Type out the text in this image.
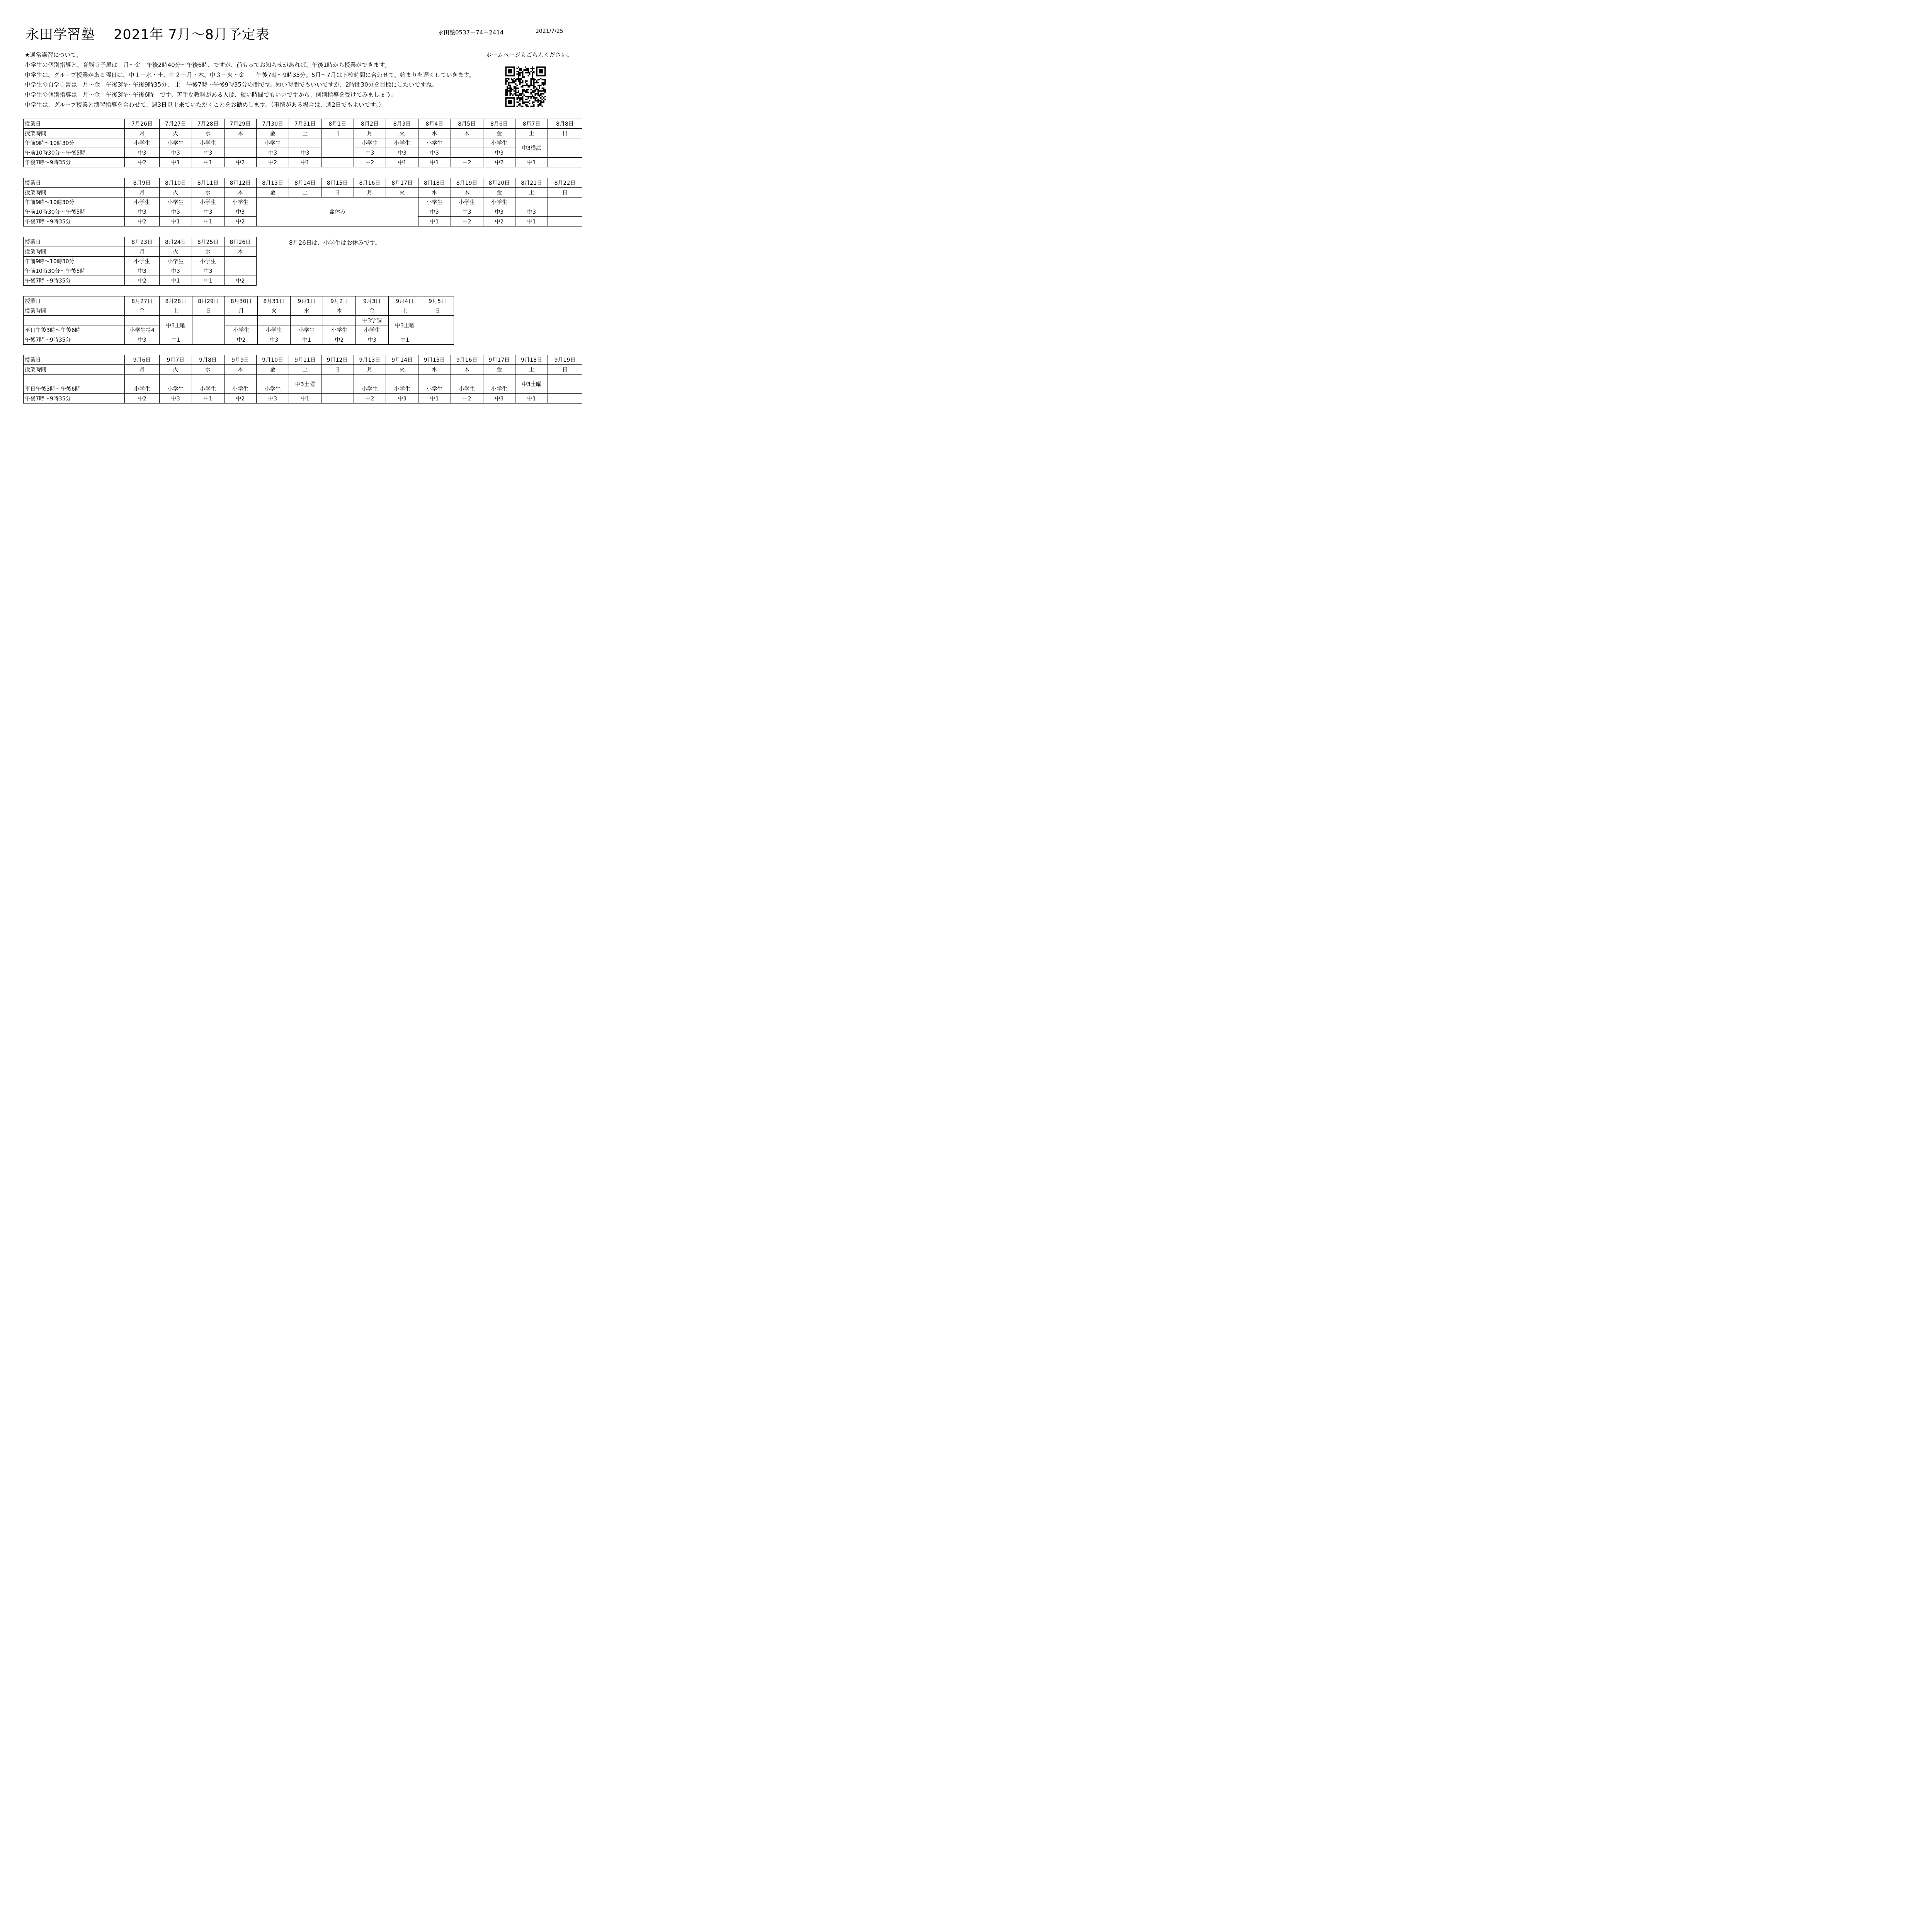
永田学習塾　 2021年 7月～8月予定表	永田塾0537－74－2414	2021/7/25
ホームページもごらんください。
★通常講習について、
小学生の個別指導と、育脳寺子屋は　月～金　午後2時40分～午後6時、ですが、前もってお知らせがあれば、午後1時から授業ができます。
中学生は、グループ授業がある曜日は、中１－水・土、中２－月・木、中３－火・金　　午後7時～9時35分。5月～7月は下校時間に合わせて、始まりを遅くしていきます。
中学生の自学自習は　月～金　午後3時～午後9時35分、 土　午後7時～午後9時35分の間です。短い時間でもいいですが、2時間30分を目標にしたいですね。
中学生の個別指導は　月～金　午後3時～午後6時　です。苦手な教科がある人は、短い時間でもいいですから、個別指導を受けてみましょう。
中学生は、グループ授業と演習指導を合わせて、週3日以上来ていただくことをお勧めします。（事情がある場合は、週2日でもよいです。）
8月26日は、小学生はお休みです。
授業日	7月26日	7月27日	7月28日	7月29日	7月30日	7月31日	8月1日	8月2日	8月3日	8月4日	8月5日	8月6日	8月7日	8月8日
授業時間	月	火	水	木	金	土	日	月	火	水	木	金	土	日
午前9時～10時30分	小学生	小学生	小学生		小学生			小学生	小学生	小学生		小学生	中3模試	
午前10時30分～午後5時	中3	中3	中3		中3	中3		中3	中3	中3		中3		
午後7時～9時35分	中2	中1	中1	中2	中2	中1		中2	中1	中1	中2	中2	中1	
授業日	8月9日	8月10日	8月11日	8月12日	8月13日	8月14日	8月15日	8月16日	8月17日	8月18日	8月19日	8月20日	8月21日	8月22日
授業時間	月	火	水	木	金	土	日	月	火	水	木	金	土	日
午前9時～10時30分	小学生	小学生	小学生	小学生	盆休み					小学生	小学生	小学生		
午前10時30分～午後5時	中3	中3	中3	中3						中3	中3	中3	中3	
午後7時～9時35分	中2	中1	中1	中2						中1	中2	中2	中1	
授業日	8月23日	8月24日	8月25日	8月26日
授業時間	月	火	水	木
午前9時～10時30分	小学生	小学生	小学生	
午前10時30分～午後5時	中3	中3	中3	
午後7時～9時35分	中2	中1	中1	中2
授業日	8月27日	8月28日	8月29日	8月30日	8月31日	9月1日	9月2日	9月3日	9月4日	9月5日
授業時間	金	土	日	月	火	水	木	金	土	日
		中3土曜						中3学調	中3土曜	
平日午後3時～午後6時	小学生特4			小学生	小学生	小学生	小学生	小学生		
午後7時～9時35分	中3	中1		中2	中3	中1	中2	中3	中1	
授業日	9月6日	9月7日	9月8日	9月9日	9月10日	9月11日	9月12日	9月13日	9月14日	9月15日	9月16日	9月17日	9月18日	9月19日
授業時間	月	火	水	木	金	土	日	月	火	水	木	金	土	日
						中3土曜							中3土曜	
平日午後3時～午後6時	小学生	小学生	小学生	小学生	小学生			小学生	小学生	小学生	小学生	小学生		
午後7時～9時35分	中2	中3	中1	中2	中3	中1		中2	中3	中1	中2	中3	中1	
